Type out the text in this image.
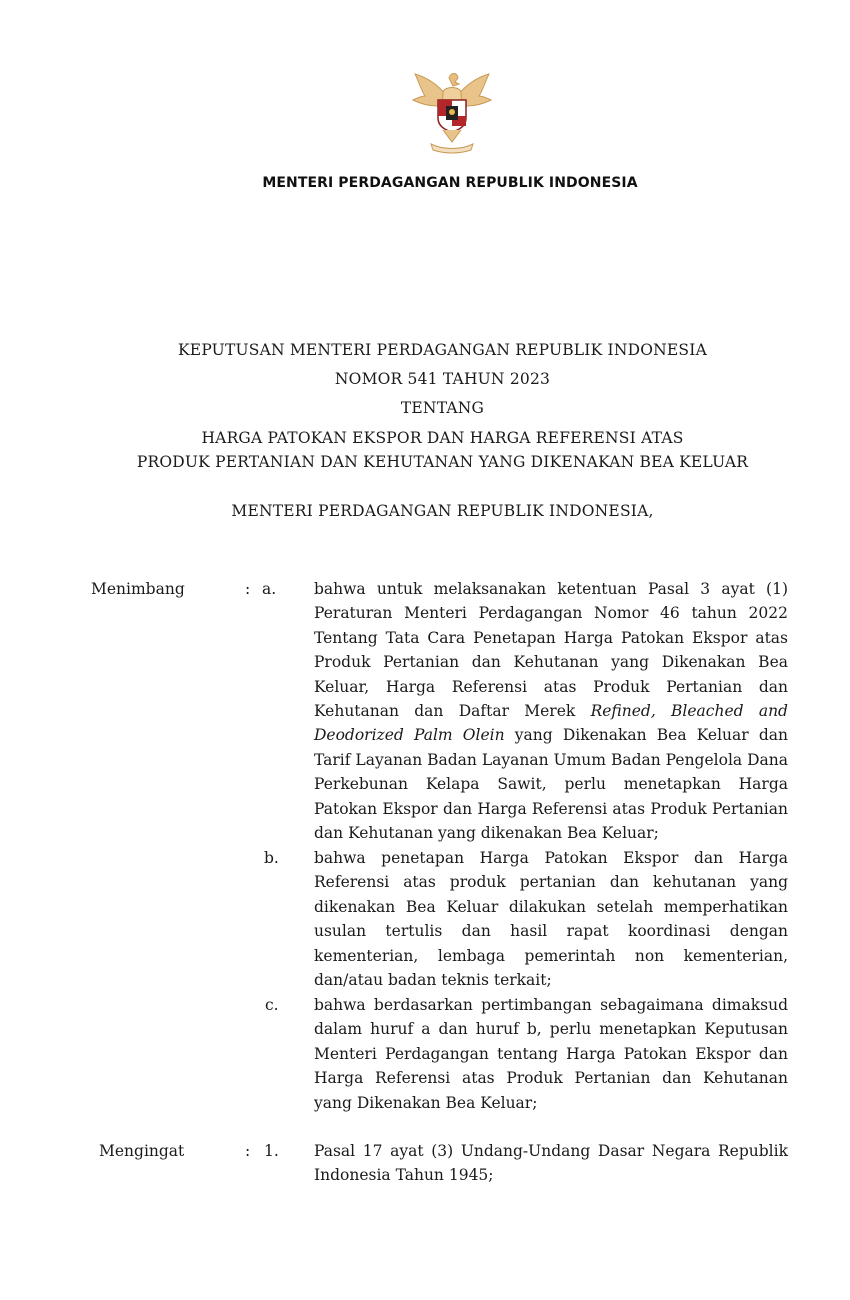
MENTERI PERDAGANGAN REPUBLIK INDONESIA
KEPUTUSAN MENTERI PERDAGANGAN REPUBLIK INDONESIA
NOMOR 541 TAHUN 2023
TENTANG
HARGA PATOKAN EKSPOR DAN HARGA REFERENSI ATAS
PRODUK PERTANIAN DAN KEHUTANAN YANG DIKENAKAN BEA KELUAR
MENTERI PERDAGANGAN REPUBLIK INDONESIA,
Menimbang	: a. bahwa untuk melaksanakan ketentuan Pasal 3 ayat (1) Peraturan Menteri Perdagangan Nomor 46 tahun 2022 Tentang Tata Cara Penetapan Harga Patokan Ekspor atas Produk Pertanian dan Kehutanan yang Dikenakan Bea Keluar, Harga Referensi atas Produk Pertanian dan Kehutanan dan Daftar Merek Refined, Bleached and Deodorized Palm Olein yang Dikenakan Bea Keluar dan Tarif Layanan Badan Layanan Umum Badan Pengelola Dana Perkebunan Kelapa Sawit, perlu menetapkan Harga Patokan Ekspor dan Harga Referensi atas Produk Pertanian dan Kehutanan yang dikenakan Bea Keluar;
b. bahwa penetapan Harga Patokan Ekspor dan Harga Referensi atas produk pertanian dan kehutanan yang dikenakan Bea Keluar dilakukan setelah memperhatikan usulan tertulis dan hasil rapat koordinasi dengan kementerian, lembaga pemerintah non kementerian, dan/atau badan teknis terkait;
c. bahwa berdasarkan pertimbangan sebagaimana dimaksud dalam huruf a dan huruf b, perlu menetapkan Keputusan Menteri Perdagangan tentang Harga Patokan Ekspor dan Harga Referensi atas Produk Pertanian dan Kehutanan yang Dikenakan Bea Keluar;
Mengingat	: 1. Pasal 17 ayat (3) Undang-Undang Dasar Negara Republik Indonesia Tahun 1945;
